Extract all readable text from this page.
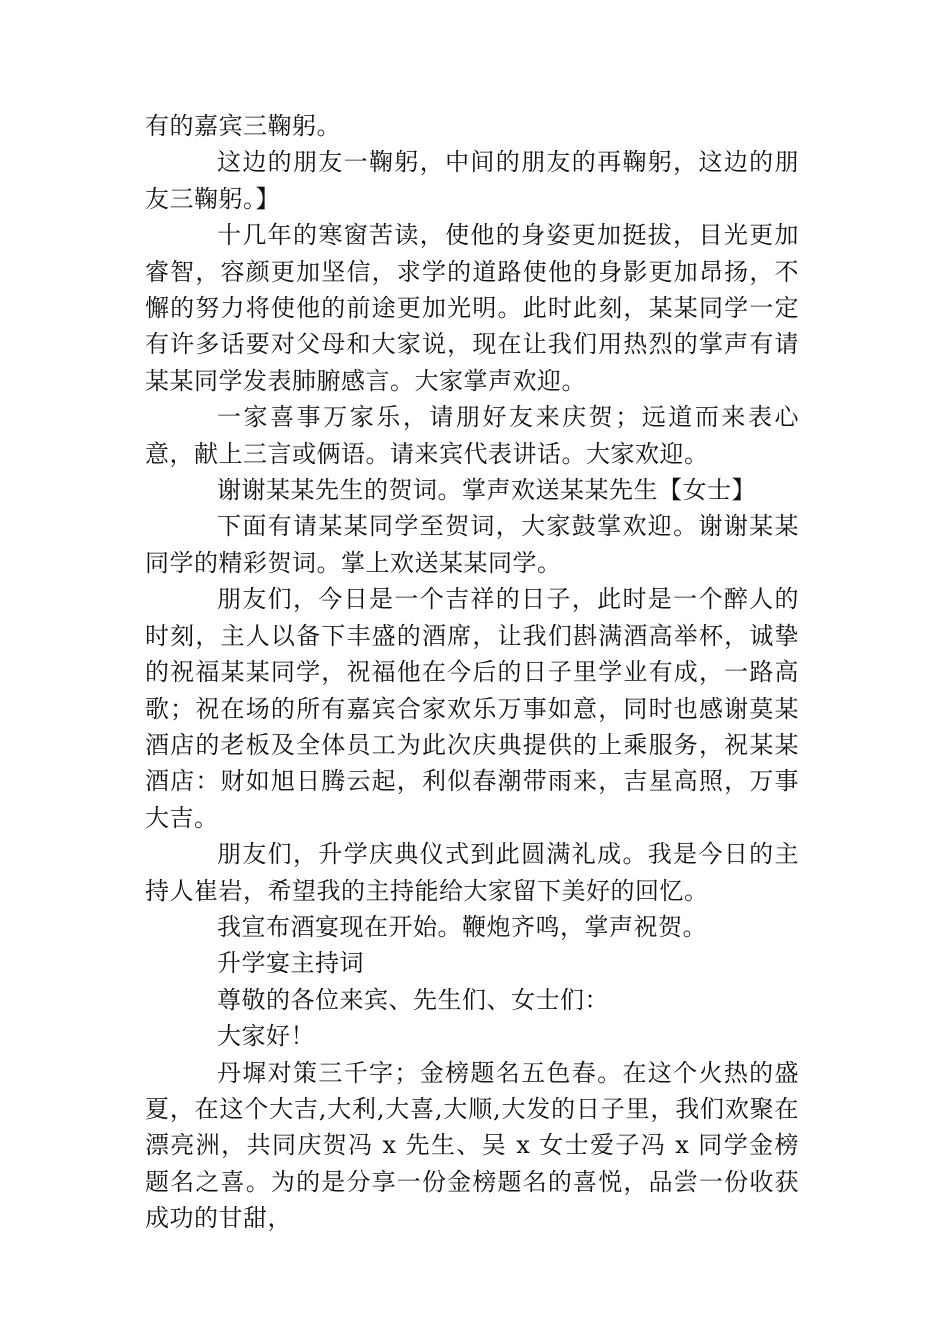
有的嘉宾三鞠躬。

这边的朋友一鞠躬，中间的朋友的再鞠躬，这边的朋友三鞠躬。】

十几年的寒窗苦读，使他的身姿更加挺拔，目光更加睿智，容颜更加坚信，求学的道路使他的身影更加昂扬，不懈的努力将使他的前途更加光明。此时此刻，某某同学一定有许多话要对父母和大家说，现在让我们用热烈的掌声有请某某同学发表肺腑感言。大家掌声欢迎。

一家喜事万家乐，请朋好友来庆贺；远道而来表心意，献上三言或俩语。请来宾代表讲话。大家欢迎。

谢谢某某先生的贺词。掌声欢送某某先生【女士】

下面有请某某同学至贺词，大家鼓掌欢迎。谢谢某某同学的精彩贺词。掌上欢送某某同学。

朋友们，今日是一个吉祥的日子，此时是一个醉人的时刻，主人以备下丰盛的酒席，让我们斟满酒高举杯，诚挚的祝福某某同学，祝福他在今后的日子里学业有成，一路高歌；祝在场的所有嘉宾合家欢乐万事如意，同时也感谢莫某酒店的老板及全体员工为此次庆典提供的上乘服务，祝某某酒店：财如旭日腾云起，利似春潮带雨来，吉星高照，万事大吉。

朋友们，升学庆典仪式到此圆满礼成。我是今日的主持人崔岩，希望我的主持能给大家留下美好的回忆。

我宣布酒宴现在开始。鞭炮齐鸣，掌声祝贺。

升学宴主持词

尊敬的各位来宾、先生们、女士们：

大家好！

丹墀对策三千字；金榜题名五色春。在这个火热的盛夏，在这个大吉,大利,大喜,大顺,大发的日子里，我们欢聚在漂亮洲，共同庆贺冯 x 先生、吴 x 女士爱子冯 x 同学金榜题名之喜。为的是分享一份金榜题名的喜悦，品尝一份收获成功的甘甜，
